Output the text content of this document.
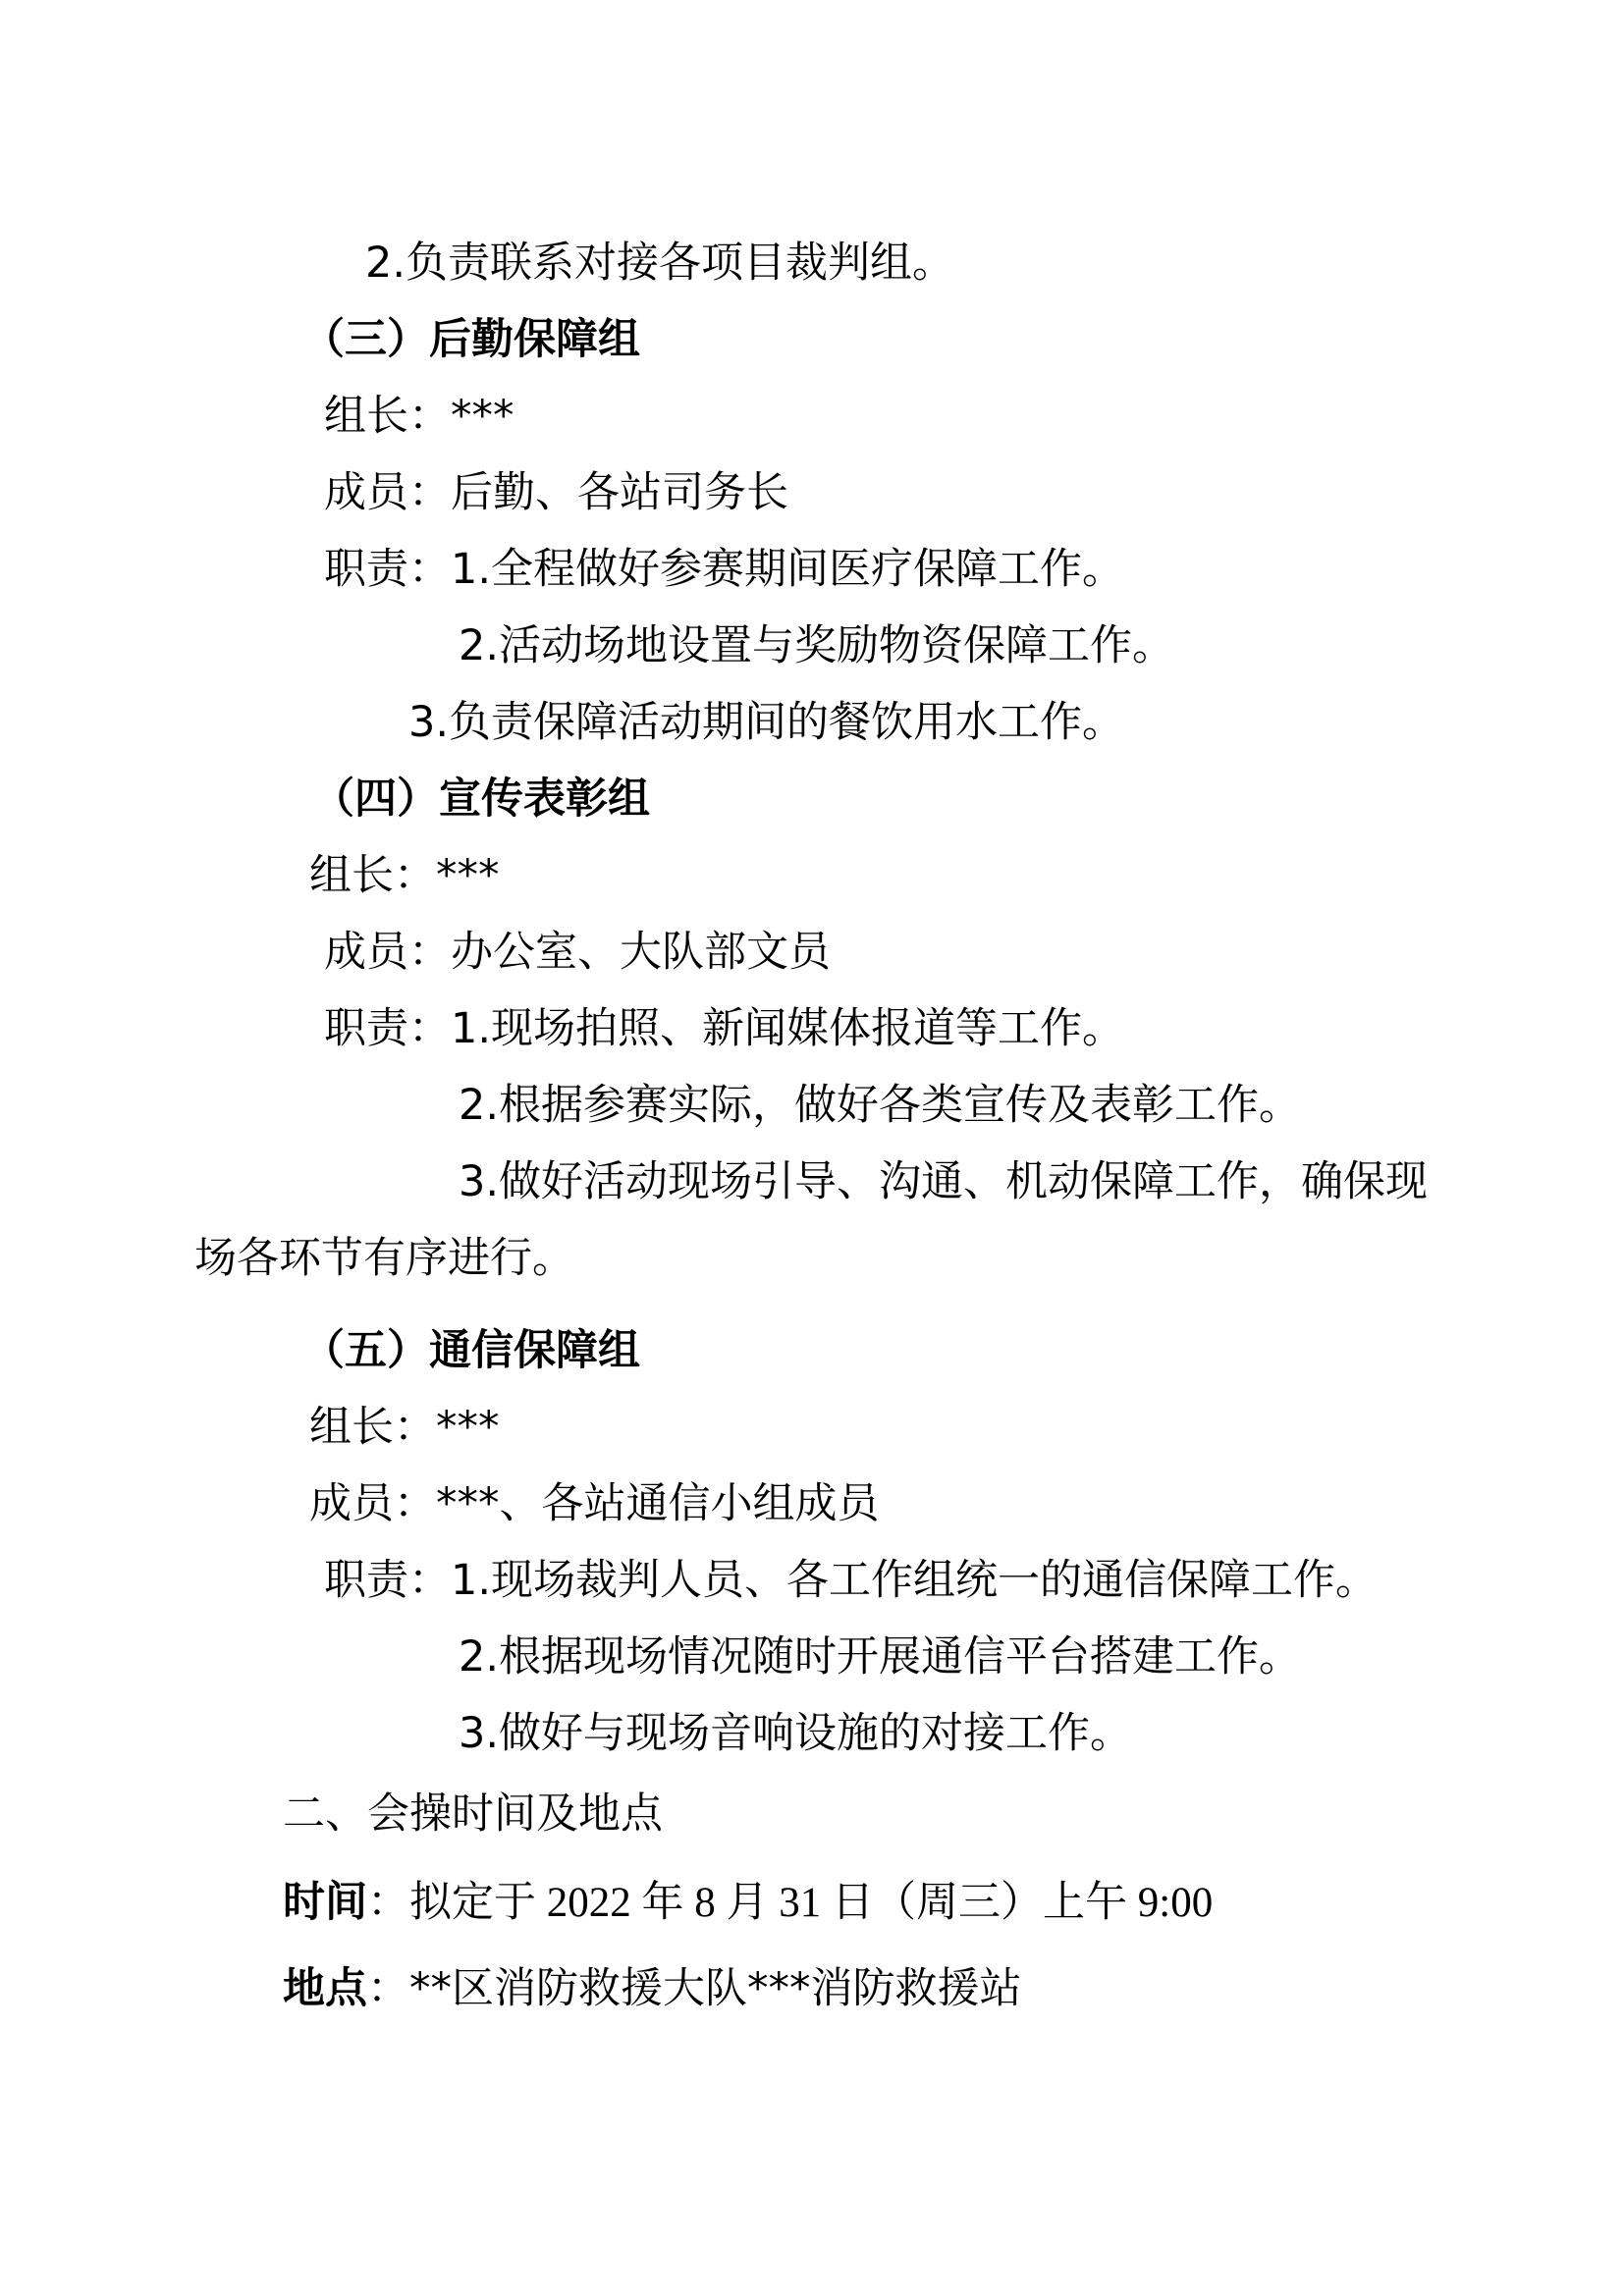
2.负责联系对接各项目裁判组。
（三）后勤保障组
组长：***
成员：后勤、各站司务长
职责：1.全程做好参赛期间医疗保障工作。
2.活动场地设置与奖励物资保障工作。
3.负责保障活动期间的餐饮用水工作。
（四）宣传表彰组
组长：***
成员：办公室、大队部文员
职责：1.现场拍照、新闻媒体报道等工作。
2.根据参赛实际，做好各类宣传及表彰工作。
3.做好活动现场引导、沟通、机动保障工作，确保现
场各环节有序进行。
（五）通信保障组
组长：***
成员：***、各站通信小组成员
职责：1.现场裁判人员、各工作组统一的通信保障工作。
2.根据现场情况随时开展通信平台搭建工作。
3.做好与现场音响设施的对接工作。
二、会操时间及地点
时间：拟定于 2022 年 8 月 31 日（周三）上午 9:00
地点：**区消防救援大队***消防救援站
